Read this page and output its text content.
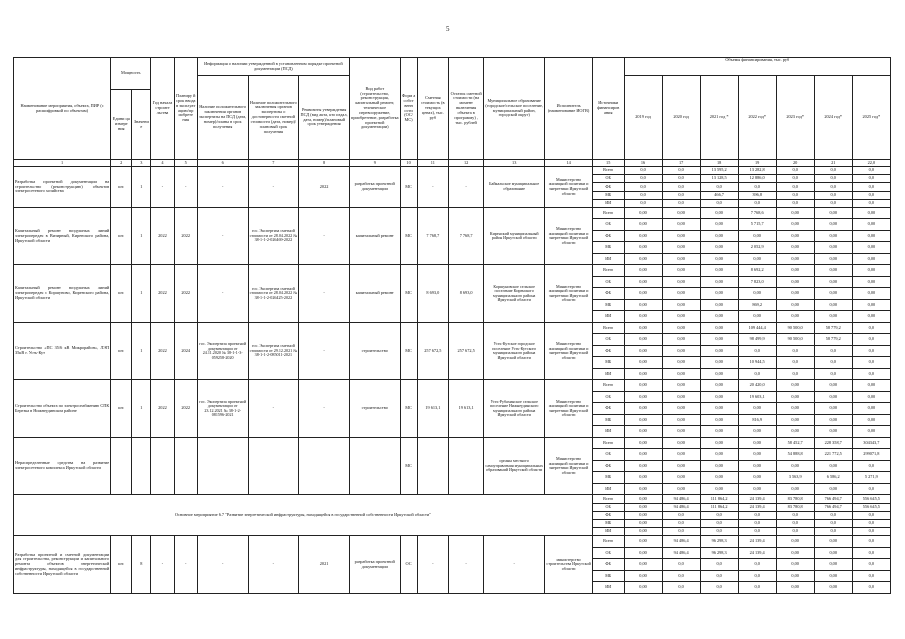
5
Наименование мероприятия, объекта, ПИР (с расшифровкой по объектам)	Мощность		Год начала строите льства	Планиру й срок ввода в эксплуат ацию/пр иобрете ния	Информация о наличии утвержденной в установленном порядке проектной документации (ПСД)			Вид работ (строительство, реконструкция, капитальный ремонт, техническое перевооружение, приобретение, разработка проектной документации)	Форм а собст венн ости (ОС/ МС)	Сметная стоимость (в текущих ценах), тыс. руб	Остаток сметной стоимости (на момент включения объекта в программу) , тыс. рублей	Муниципальное образование (городское/сельское поселение, муниципальный район, городской округ)	Исполнитель (наименование ИОГВ)	Источники финансиров ания	Объемы финансирования, тыс. руб						
					Наличие положительного заключения органов экспертизы на ПСД (дата, номер)/планы в срок получения	Наличие положительного заключения органов экспертизы о достоверности сметной стоимости (дата, номер)/плановый срок получения	Реквизиты утверждения ПСД (вид акта, кто издал, дата, номер)/плановый срок утверждения								2019 год	2020 год	2021 год *	2022 год*	2023 год*	2024 год*	2025 год*
	Едини ца измере ния	Значени е																			
1	2	3	4	5	6	7	8	9	10	11	12	13	14	15	16	17	18	19	20	21	22,0
Разработка проектной документации на строительство (реконструкцию) объектов электросетевого хозяйства	шт.	1	-	-	-	-	2022	разработка проектной документации	МС	-	-	Байкальское муниципальное образование	Министерство жилищной политики и энергетики Иркутской области	Всего	0,0	0,0	13 595,2	13 282,8	0,0	0,0	0,0
														ОБ	0,0	0,0	13 128,5	12 886,0	0,0	0,0	0,0
														ФБ	0,0	0,0	0,0	0,0	0,0	0,0	0,0
														МБ	0,0	0,0	466,7	396,8	0,0	0,0	0,0
														ИИ	0,0	0,0	0,0	0,0	0,0	0,0	0,0
Капитальный ремонт воздушных линий электропередач в Визирный, Киренского района, Иркутской области	шт.	1	2022	2022	-	гос. Экспертиза сметной стоимости от 28.04.2022 № 38-1-1-2-026469-2022	-	капитальный ремонт	МС	7 768,7	7 768,7	Киренский муниципальный район Иркутской области	Министерство жилищной политики и энергетики Иркутской области	Всего	0,00	0,00	0,00	7 768,6	0,00	0,00	0,00
														ОБ	0,00	0,00	0,00	5 715,7	0,00	0,00	0,00
														ФБ	0,00	0,00	0,00	0,00	0,00	0,00	0,00
														МБ	0,00	0,00	0,00	2 052,9	0,00	0,00	0,00
														ИИ	0,00	0,00	0,00	0,00	0,00	0,00	0,00
Капитальный ремонт воздушных линий электропередач с Коршуново, Киренского района, Иркутской области	шт.	1	2022	2022	-	гос. Экспертиза сметной стоимости от 28.04.2022 № 38-1-1-2-026425-2022	-	капитальный ремонт	МС	8 693,0	8 693,0	Коршуновское сельское поселение Киренского муниципального района Иркутской области	Министерство жилищной политики и энергетики Иркутской области	Всего	0,00	0,00	0,00	8 692,2	0,00	0,00	0,00
														ОБ	0,00	0,00	0,00	7 823,0	0,00	0,00	0,00
														ФБ	0,00	0,00	0,00	0,00	0,00	0,00	0,00
														МБ	0,00	0,00	0,00	869,2	0,00	0,00	0,00
														ИИ	0,00	0,00	0,00	0,00	0,00	0,00	0,00
Строительство «ПС 35/6 кВ Микрорайон», ЛЭП 35кВ г. Усть-Кут	шт.	1	2022	2024	гос. Экспертиза проектной документации от 24.11.2020 № 38-1-1-3-059258-2020	гос. Экспертиза сметной стоимости от 29.12.2021 № 38-1-1-2-085011-2021	-	строительство	МС	257 672,5	257 672,5	Усть-Кутское городское поселение Усть-Кутского муниципального района Иркутской области	Министерство жилищной политики и энергетики Иркутской области	Всего	0,00	0,00	0,00	109 444,4	90 500,0	58 779,2	0,0
														ОБ	0,00	0,00	0,00	98 499,9	90 500,0	58 779,2	0,0
														ФБ	0,00	0,00	0,00	0,0	0,0	0,0	0,0
														МБ	0,00	0,00	0,00	10 944,5	0,0	0,0	0,0
														ИИ	0,00	0,00	0,00	0,0	0,0	0,0	0,0
Строительство объекта по электроснабжению СПК Березка в Нижнеудинском районе	шт.	1	2022	2022	гос. Экспертиза проектной документации от 23.12.2021 № 38-1-2-081596-2021	-	-	строительство	МС	19 613,1	19 613,1	Усть-Рубахинское сельское поселение Нижнеудинского муниципального района Иркутской области	Министерство жилищной политики и энергетики Иркутской области	Всего	0,00	0,00	0,00	20 420,0	0,00	0,00	0,00
														ОБ	0,00	0,00	0,00	19 603,1	0,00	0,00	0,00
														ФБ	0,00	0,00	0,00	0,00	0,00	0,00	0,00
														МБ	0,00	0,00	0,00	816,9	0,00	0,00	0,00
														ИИ	0,00	0,00	0,00	0,00	0,00	0,00	0,00
Нераспределенные средства на развитие электросетевого комплекса Иркутской области									МС			органы местного самоуправления муниципальных образований Иркутской области	Министерство жилищной политики и энергетики Иркутской области	Всего	0,00	0,00	0,00	0,00	58 452,7	228 358,7	304343,7
														ОБ	0,00	0,00	0,00	0,00	54 888,8	221 772,5	299071,8
														ФБ	0,00	0,00	0,00	0,00	0,00	0,00	0,0
														МБ	0,00	0,00	0,00	0,00	3 563,9	6 586,2	5 271,9
														ИИ	0,00	0,00	0,00	0,00	0,00	0,00	0,0
Основное мероприятие 6.7 "Развитие энергетической инфраструктуры, находящейся в государственной собственности Иркутской области"														Всего	0,00	94 486,4	111 864,2	24 139,4	83 780,8	766 494,7	556 645,5
														ОБ	0,00	94 486,4	111 864,2	24 139,4	83 780,8	766 494,7	556 645,5
														ФБ	0,00	0,0	0,0	0,0	0,0	0,0	0,0
														МБ	0,00	0,0	0,0	0,0	0,0	0,0	0,0
														ИИ	0,00	0,0	0,0	0,0	0,0	0,0	0,0
Разработка проектной и сметной документации для строительства, реконструкции и капитального ремонта объектов энергетической инфраструктуры, находящейся в государственной собственности Иркутской области	шт.	8	-	-	-	-	2021	разработка проектной документации	ОС	-	-	-	министерство строительства Иркутской области	Всего	0,00	94 486,4	96 298,3	24 139,4	0,00	0,00	0,0
														ОБ	0,00	94 486,4	96 298,3	24 139,4	0,00	0,00	0,0
														ФБ	0,00	0,0	0,0	0,0	0,00	0,00	0,0
														МБ	0,00	0,0	0,0	0,0	0,00	0,00	0,0
														ИИ	0,00	0,0	0,0	0,0	0,00	0,00	0,0
